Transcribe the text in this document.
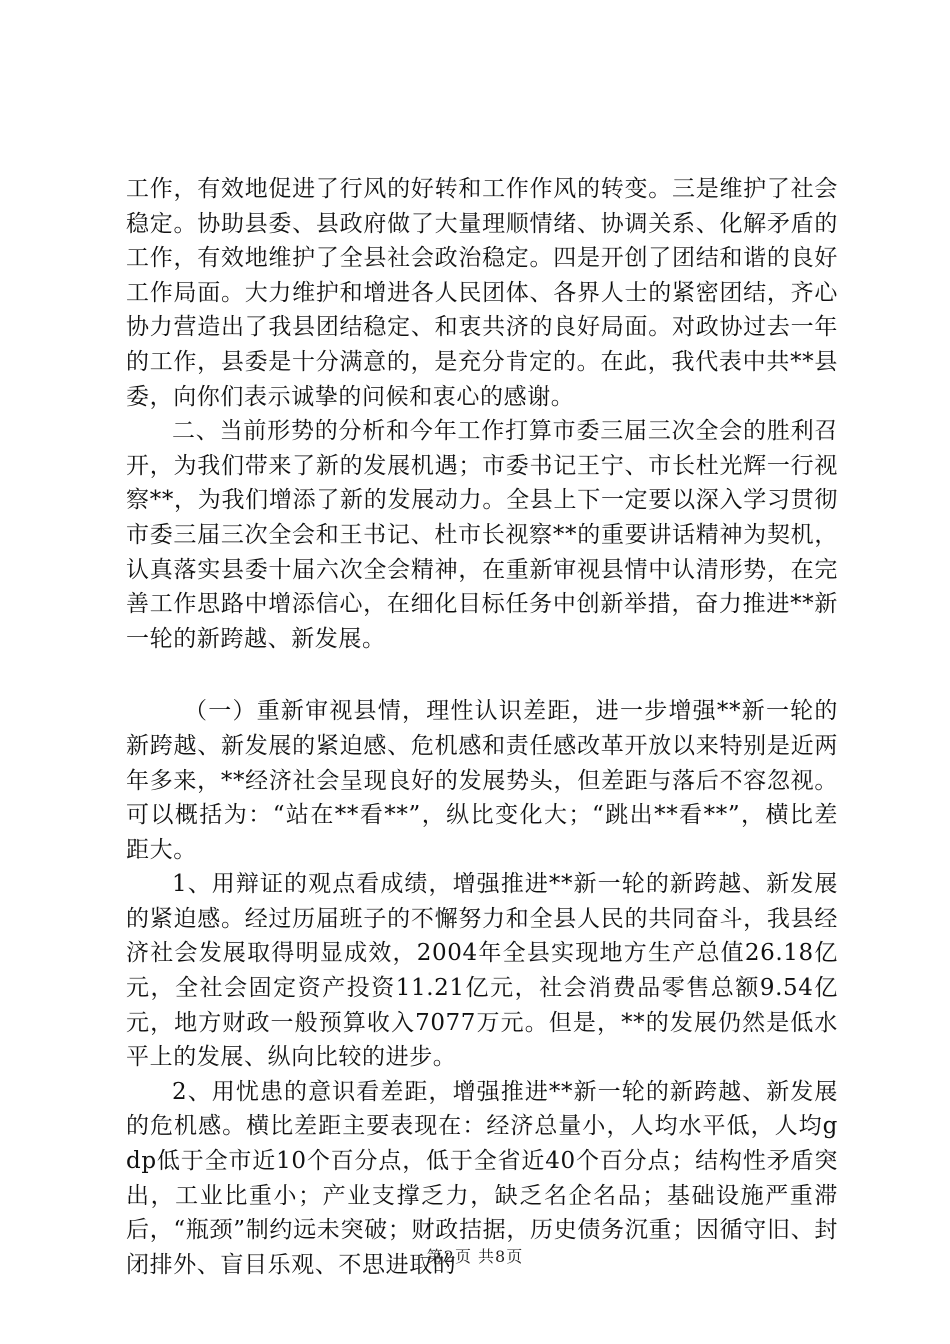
工作，有效地促进了行风的好转和工作作风的转变。三是维护了社会稳定。协助县委、县政府做了大量理顺情绪、协调关系、化解矛盾的工作，有效地维护了全县社会政治稳定。四是开创了团结和谐的良好工作局面。大力维护和增进各人民团体、各界人士的紧密团结，齐心协力营造出了我县团结稳定、和衷共济的良好局面。对政协过去一年的工作，县委是十分满意的，是充分肯定的。在此，我代表中共**县委，向你们表示诚挚的问候和衷心的感谢。

二、当前形势的分析和今年工作打算市委三届三次全会的胜利召开，为我们带来了新的发展机遇；市委书记王宁、市长杜光辉一行视察**，为我们增添了新的发展动力。全县上下一定要以深入学习贯彻市委三届三次全会和王书记、杜市长视察**的重要讲话精神为契机，认真落实县委十届六次全会精神，在重新审视县情中认清形势，在完善工作思路中增添信心，在细化目标任务中创新举措，奋力推进**新一轮的新跨越、新发展。

（一）重新审视县情，理性认识差距，进一步增强**新一轮的新跨越、新发展的紧迫感、危机感和责任感改革开放以来特别是近两年多来，**经济社会呈现良好的发展势头，但差距与落后不容忽视。可以概括为：“站在**看**”，纵比变化大；“跳出**看**”，横比差距大。

1、用辩证的观点看成绩，增强推进**新一轮的新跨越、新发展的紧迫感。经过历届班子的不懈努力和全县人民的共同奋斗，我县经济社会发展取得明显成效，2004年全县实现地方生产总值26.18亿元，全社会固定资产投资11.21亿元，社会消费品零售总额9.54亿元，地方财政一般预算收入7077万元。但是，**的发展仍然是低水平上的发展、纵向比较的进步。

2、用忧患的意识看差距，增强推进**新一轮的新跨越、新发展的危机感。横比差距主要表现在：经济总量小，人均水平低，人均gdp低于全市近10个百分点，低于全省近40个百分点；结构性矛盾突出，工业比重小；产业支撑乏力，缺乏名企名品；基础设施严重滞后，“瓶颈”制约远未突破；财政拮据，历史债务沉重；因循守旧、封闭排外、盲目乐观、不思进取的

第2页 共8页
